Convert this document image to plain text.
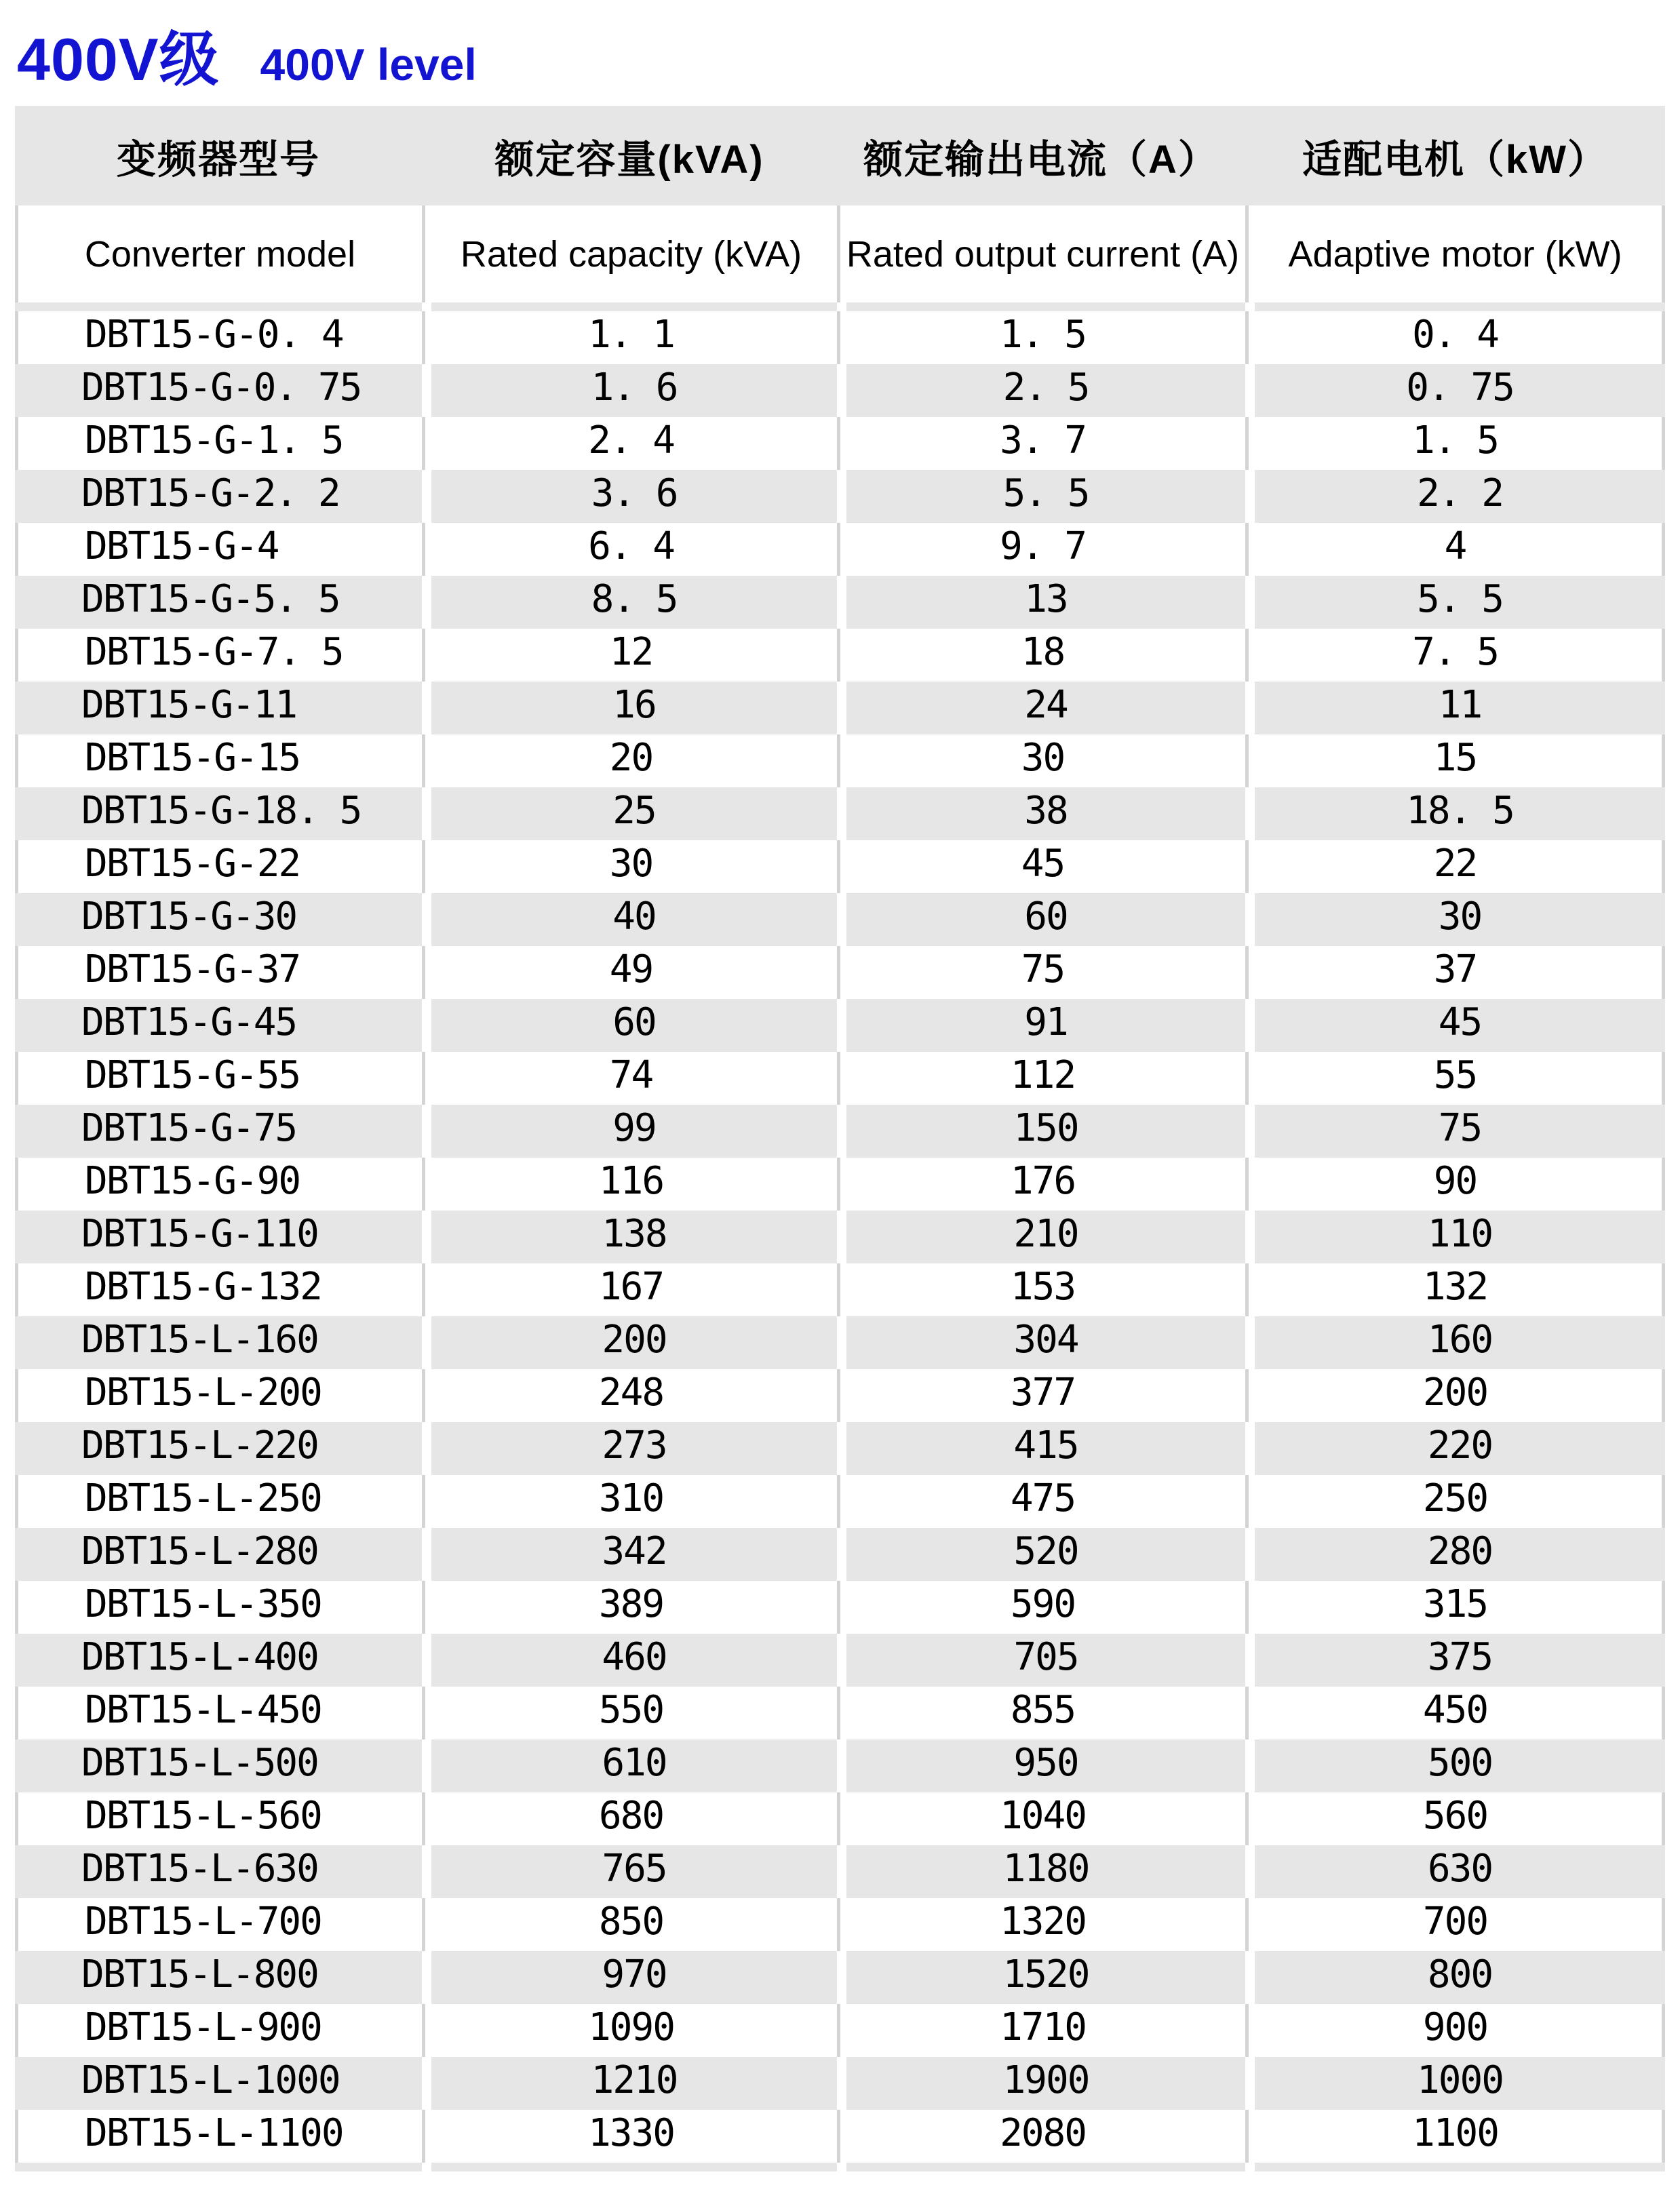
400V级 400V level
变频器型号	额定容量(kVA)	额定输出电流（A）	适配电机（kW）
Converter model	Rated capacity (kVA)	Rated output current (A)	Adaptive motor (kW)

DBT15-G-0. 4	1. 1	1. 5	0. 4
DBT15-G-0. 75	1. 6	2. 5	0. 75
DBT15-G-1. 5	2. 4	3. 7	1. 5
DBT15-G-2. 2	3. 6	5. 5	2. 2
DBT15-G-4	6. 4	9. 7	4
DBT15-G-5. 5	8. 5	13	5. 5
DBT15-G-7. 5	12	18	7. 5
DBT15-G-11	16	24	11
DBT15-G-15	20	30	15
DBT15-G-18. 5	25	38	18. 5
DBT15-G-22	30	45	22
DBT15-G-30	40	60	30
DBT15-G-37	49	75	37
DBT15-G-45	60	91	45
DBT15-G-55	74	112	55
DBT15-G-75	99	150	75
DBT15-G-90	116	176	90
DBT15-G-110	138	210	110
DBT15-G-132	167	153	132
DBT15-L-160	200	304	160
DBT15-L-200	248	377	200
DBT15-L-220	273	415	220
DBT15-L-250	310	475	250
DBT15-L-280	342	520	280
DBT15-L-350	389	590	315
DBT15-L-400	460	705	375
DBT15-L-450	550	855	450
DBT15-L-500	610	950	500
DBT15-L-560	680	1040	560
DBT15-L-630	765	1180	630
DBT15-L-700	850	1320	700
DBT15-L-800	970	1520	800
DBT15-L-900	1090	1710	900
DBT15-L-1000	1210	1900	1000
DBT15-L-1100	1330	2080	1100
